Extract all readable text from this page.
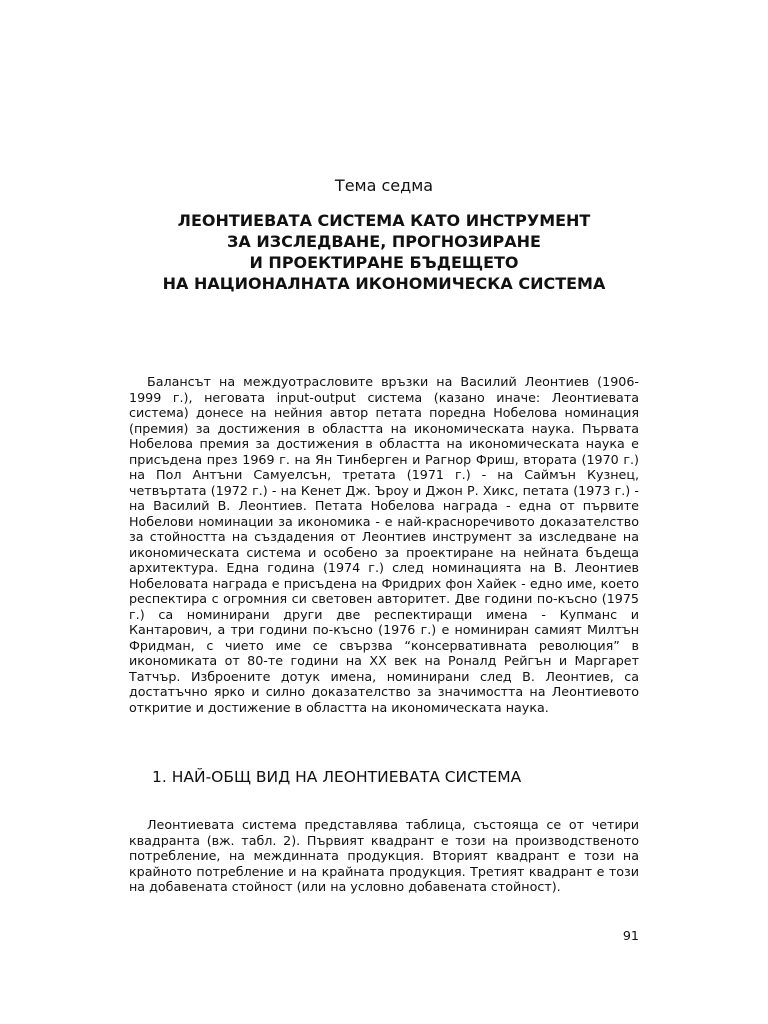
Тема седма
ЛЕОНТИЕВАТА СИСТЕМА КАТО ИНСТРУМЕНТ
ЗА ИЗСЛЕДВАНЕ, ПРОГНОЗИРАНЕ
И ПРОЕКТИРАНЕ БЪДЕЩЕТО
НА НАЦИОНАЛНАТА ИКОНОМИЧЕСКА СИСТЕМА

Балансът на междуотрасловите връзки на Василий Леонтиев (1906-1999 г.), неговата input-output система (казано иначе: Леонтиевата система) донесе на нейния автор петата поредна Нобелова номинация (премия) за достижения в областта на икономическата наука. Първата Нобелова премия за достижения в областта на икономическата наука е присъдена през 1969 г. на Ян Тинберген и Рагнор Фриш, втората (1970 г.) на Пол Антъни Самуелсън, третата (1971 г.) - на Саймън Кузнец, четвъртата (1972 г.) - на Кенет Дж. Ъроу и Джон Р. Хикс, петата (1973 г.) - на Василий В. Леонтиев. Петата Нобелова награда - една от първите Нобелови номинации за икономика - е най-красноречивото доказателство за стойността на създадения от Леонтиев инструмент за изследване на икономическата система и особено за проектиране на нейната бъдеща архитектура. Една година (1974 г.) след номинацията на В. Леонтиев Нобеловата награда е присъдена на Фридрих фон Хайек - едно име, което респектира с огромния си световен авторитет. Две години по-късно (1975 г.) са номинирани други две респектиращи имена - Купманс и Кантарович, а три години по-късно (1976 г.) е номиниран самият Милтън Фридман, с чието име се свързва “консервативната революция” в икономиката от 80-те години на XX век на Роналд Рейгън и Маргарет Татчър. Изброените дотук имена, номинирани след В. Леонтиев, са достатъчно ярко и силно доказателство за значимостта на Леонтиевото откритие и достижение в областта на икономическата наука.

1. НАЙ-ОБЩ ВИД НА ЛЕОНТИЕВАТА СИСТЕМА

Леонтиевата система представлява таблица, състояща се от четири квадранта (вж. табл. 2). Първият квадрант е този на производственото потребление, на междинната продукция. Вторият квадрант е този на крайното потребление и на крайната продукция. Третият квадрант е този на добавената стойност (или на условно добавената стойност).

91
